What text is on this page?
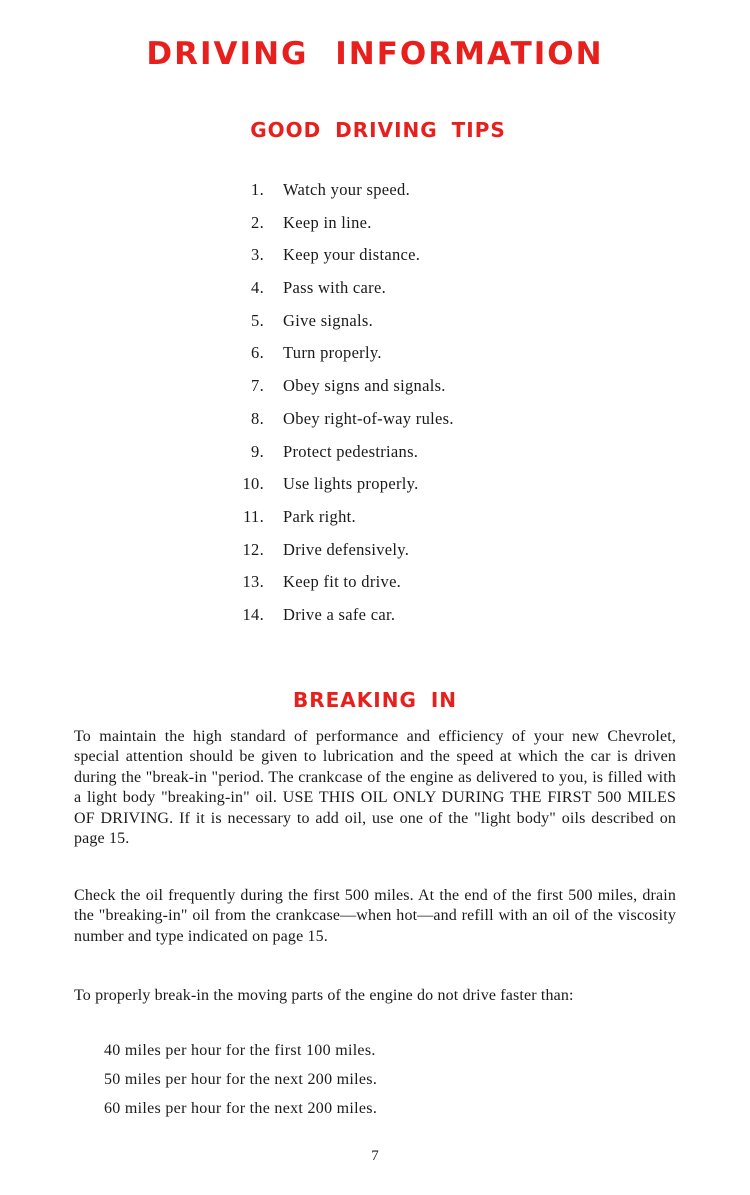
DRIVING INFORMATION
GOOD DRIVING TIPS
1. Watch your speed.
2. Keep in line.
3. Keep your distance.
4. Pass with care.
5. Give signals.
6. Turn properly.
7. Obey signs and signals.
8. Obey right-of-way rules.
9. Protect pedestrians.
10. Use lights properly.
11. Park right.
12. Drive defensively.
13. Keep fit to drive.
14. Drive a safe car.
BREAKING IN

To maintain the high standard of performance and efficiency of your new Chevrolet, special attention should be given to lubrication and the speed at which the car is driven during the "break-in "period. The crankcase of the engine as delivered to you, is filled with a light body "breaking-in" oil. USE THIS OIL ONLY DURING THE FIRST 500 MILES OF DRIVING. If it is necessary to add oil, use one of the "light body" oils described on page 15.

Check the oil frequently during the first 500 miles. At the end of the first 500 miles, drain the "breaking-in" oil from the crankcase—when hot—and refill with an oil of the viscosity number and type indicated on page 15.

To properly break-in the moving parts of the engine do not drive faster than:

40 miles per hour for the first 100 miles.
50 miles per hour for the next 200 miles.
60 miles per hour for the next 200 miles.
7
